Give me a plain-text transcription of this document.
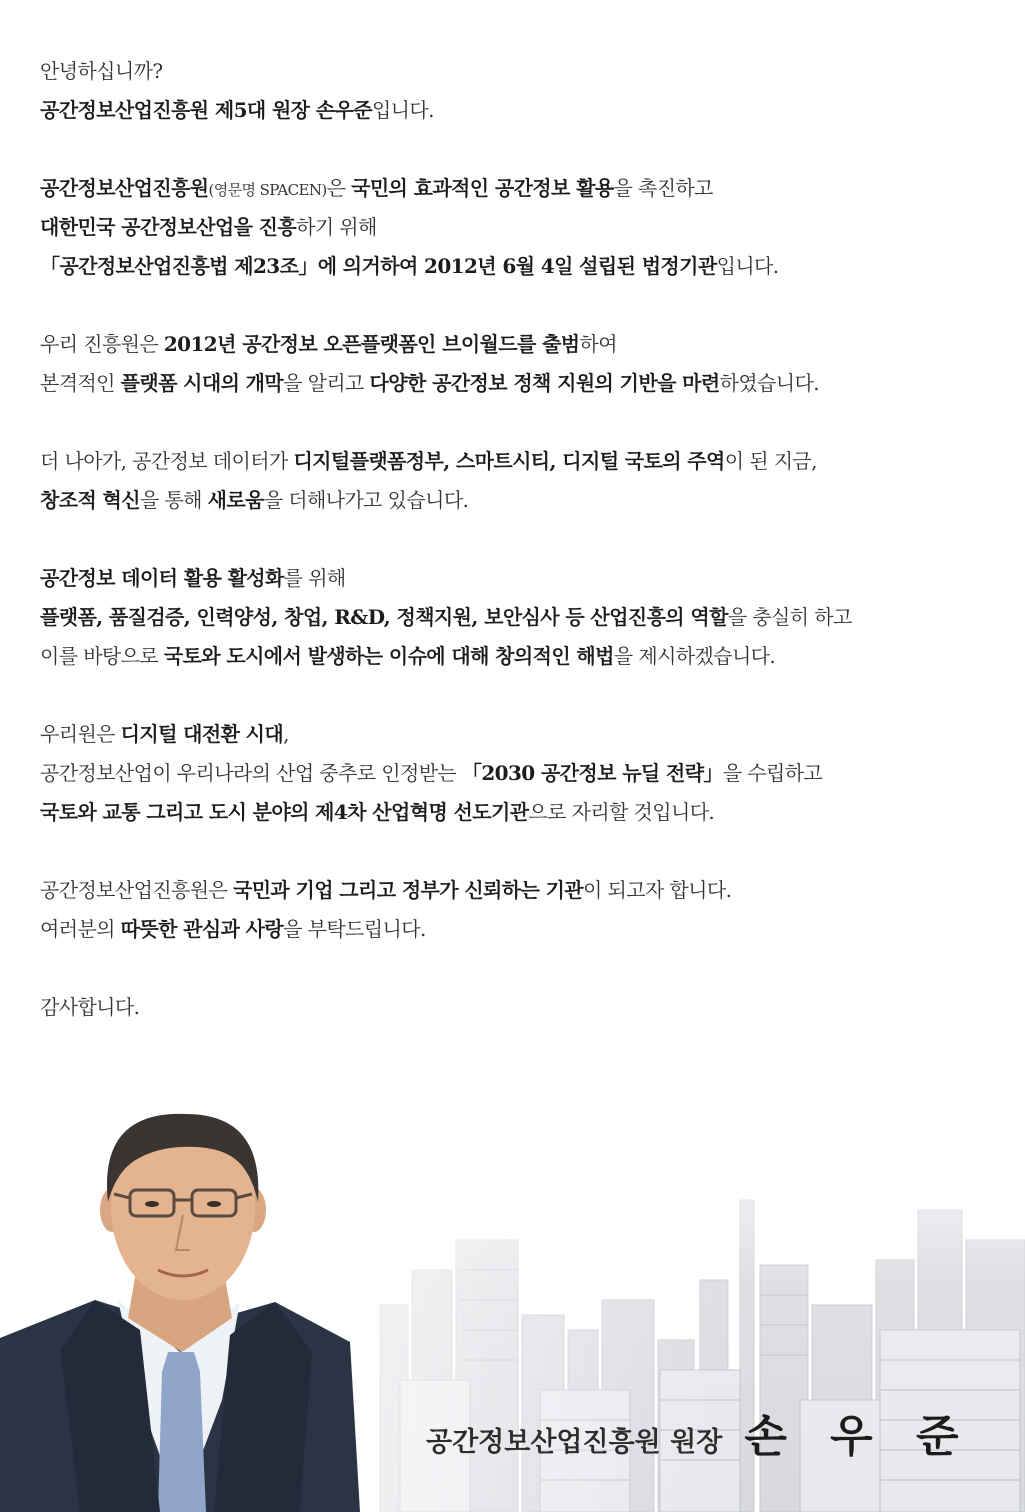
안녕하십니까?
공간정보산업진흥원 제5대 원장 손우준입니다.
공간정보산업진흥원(영문명 SPACEN)은 국민의 효과적인 공간정보 활용을 촉진하고
대한민국 공간정보산업을 진흥하기 위해
「공간정보산업진흥법 제23조」에 의거하여 2012년 6월 4일 설립된 법정기관입니다.
우리 진흥원은 2012년 공간정보 오픈플랫폼인 브이월드를 출범하여
본격적인 플랫폼 시대의 개막을 알리고 다양한 공간정보 정책 지원의 기반을 마련하였습니다.
더 나아가, 공간정보 데이터가 디지털플랫폼정부, 스마트시티, 디지털 국토의 주역이 된 지금,
창조적 혁신을 통해 새로움을 더해나가고 있습니다.
공간정보 데이터 활용 활성화를 위해
플랫폼, 품질검증, 인력양성, 창업, R&D, 정책지원, 보안심사 등 산업진흥의 역할을 충실히 하고
이를 바탕으로 국토와 도시에서 발생하는 이슈에 대해 창의적인 해법을 제시하겠습니다.
우리원은 디지털 대전환 시대,
공간정보산업이 우리나라의 산업 중추로 인정받는 「2030 공간정보 뉴딜 전략」을 수립하고
국토와 교통 그리고 도시 분야의 제4차 산업혁명 선도기관으로 자리할 것입니다.
공간정보산업진흥원은 국민과 기업 그리고 정부가 신뢰하는 기관이 되고자 합니다.
여러분의 따뜻한 관심과 사랑을 부탁드립니다.
감사합니다.
공간정보산업진흥원 원장 손 우 준
